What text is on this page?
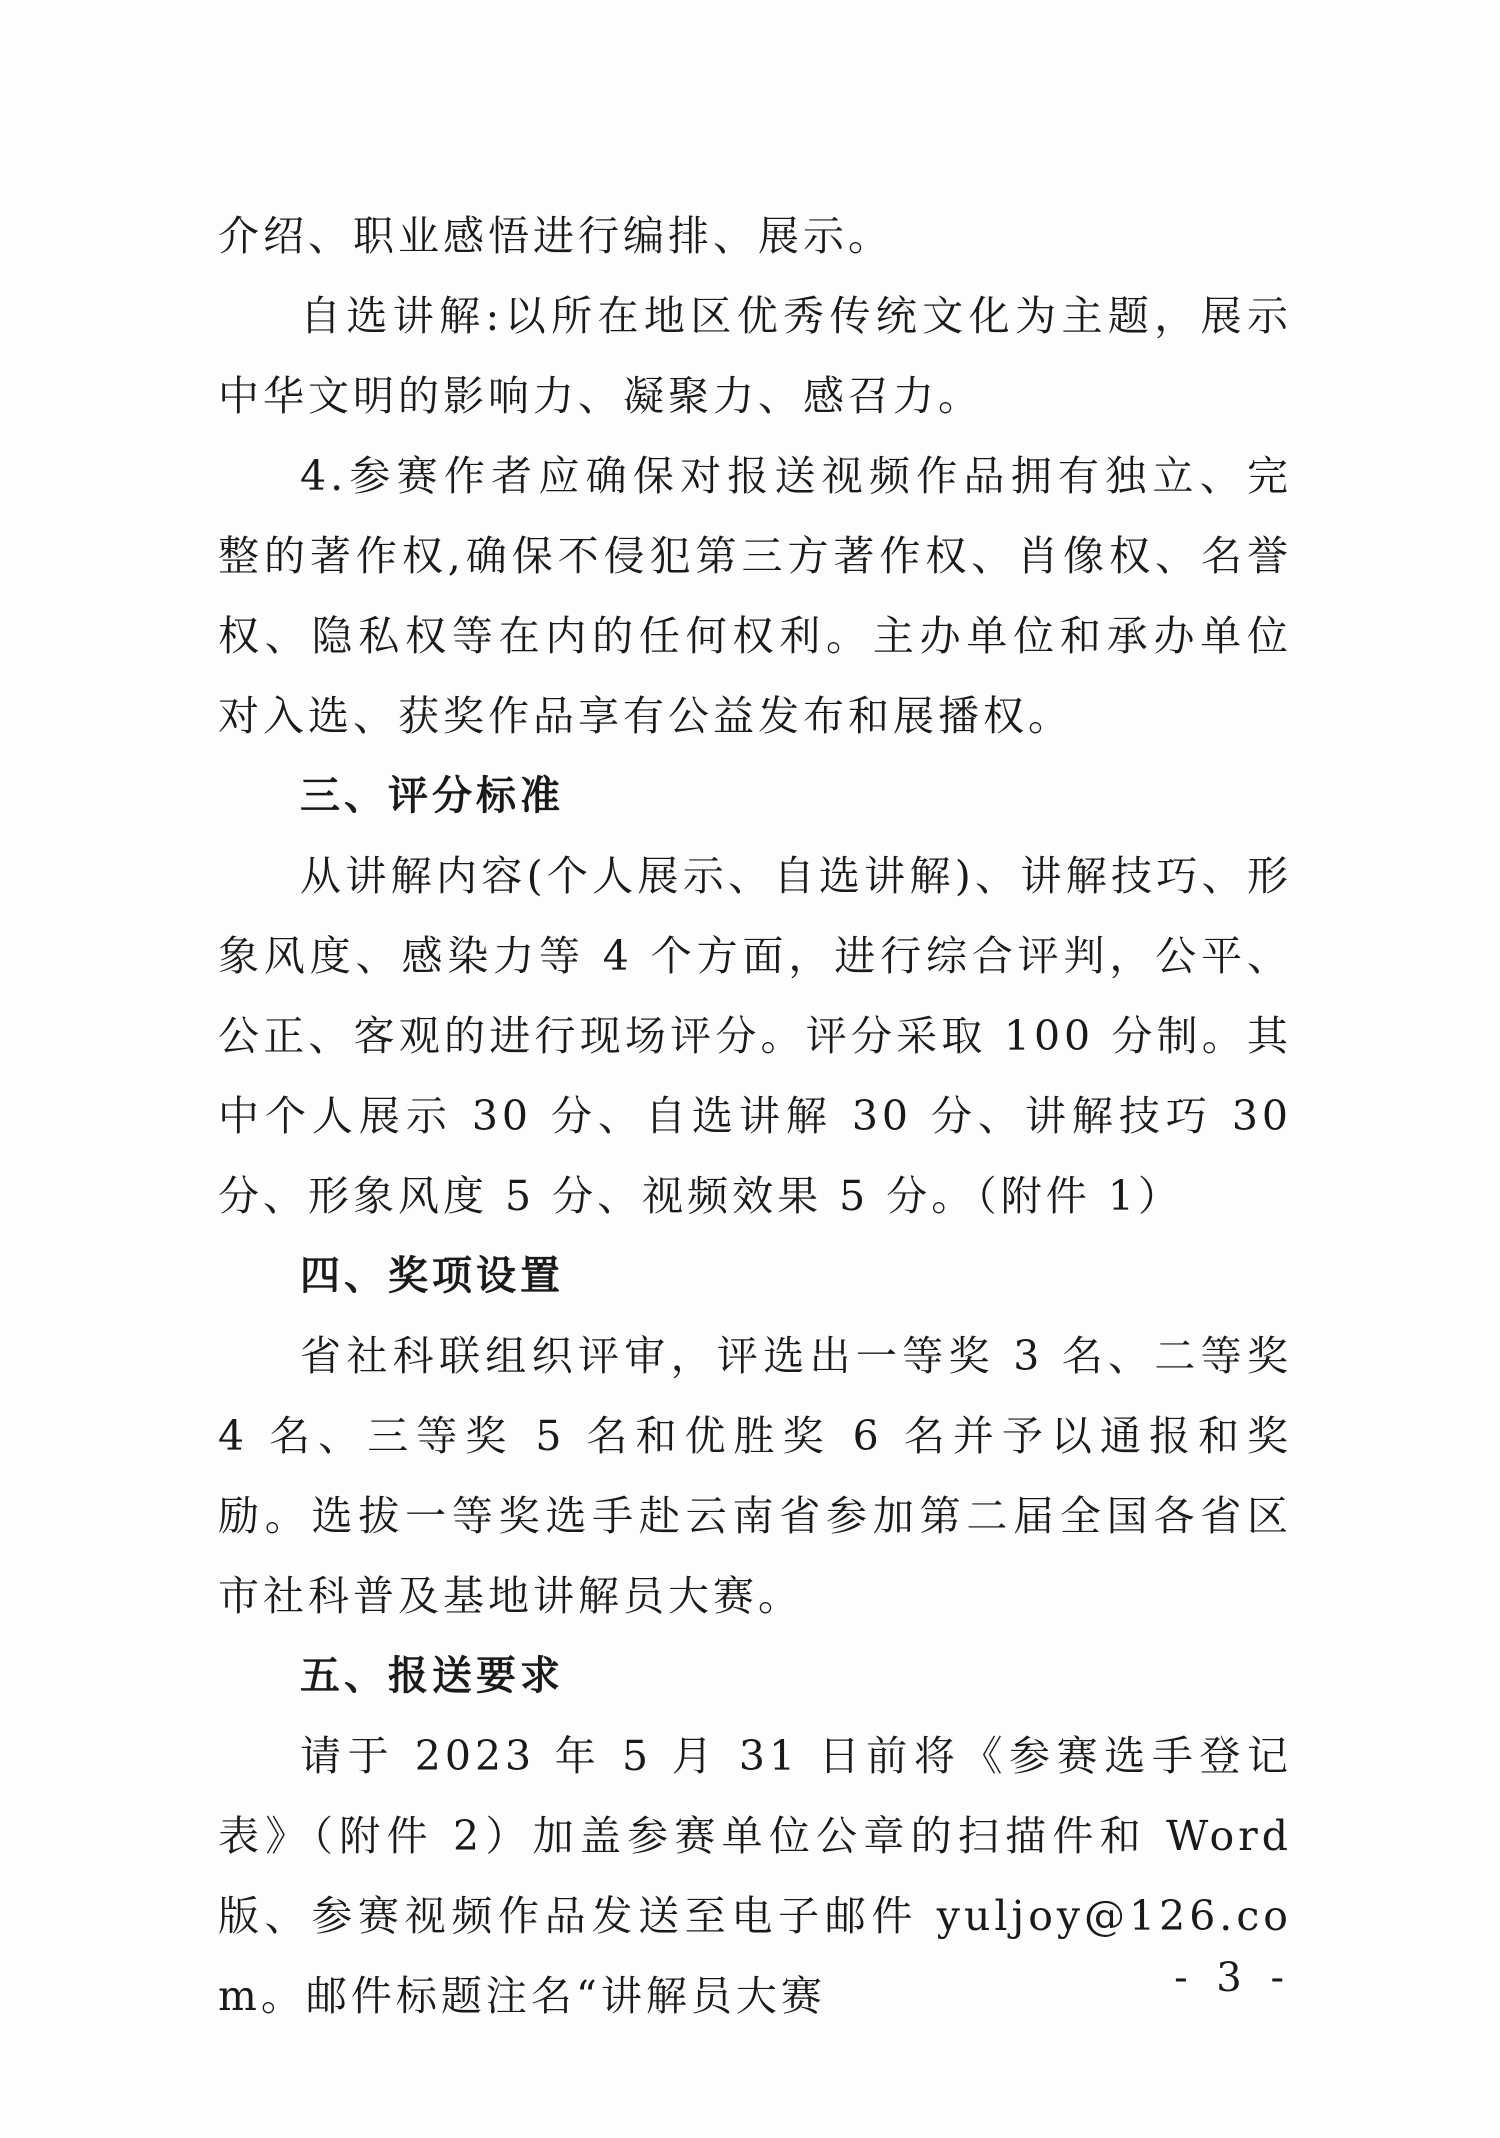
介绍、职业感悟进行编排、展示。

自选讲解:以所在地区优秀传统文化为主题，展示中华文明的影响力、凝聚力、感召力。

4.参赛作者应确保对报送视频作品拥有独立、完整的著作权,确保不侵犯第三方著作权、肖像权、名誉权、隐私权等在内的任何权利。主办单位和承办单位对入选、获奖作品享有公益发布和展播权。

三、评分标准

从讲解内容(个人展示、自选讲解)、讲解技巧、形象风度、感染力等 4 个方面，进行综合评判，公平、公正、客观的进行现场评分。评分采取 100 分制。其中个人展示 30 分、自选讲解 30 分、讲解技巧 30 分、形象风度 5 分、视频效果 5 分。（附件 1）

四、奖项设置

省社科联组织评审，评选出一等奖 3 名、二等奖 4 名、三等奖 5 名和优胜奖 6 名并予以通报和奖励。选拔一等奖选手赴云南省参加第二届全国各省区市社科普及基地讲解员大赛。

五、报送要求

请于 2023 年 5 月 31 日前将《参赛选手登记表》（附件 2）加盖参赛单位公章的扫描件和 Word 版、参赛视频作品发送至电子邮件 yuljoy@126.com。邮件标题注名“讲解员大赛	- 3 -
